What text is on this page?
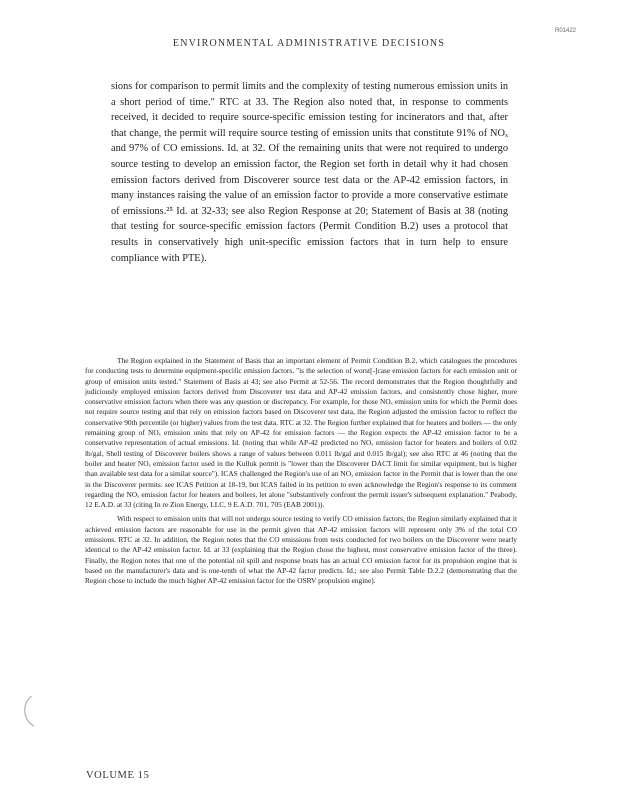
R01422
ENVIRONMENTAL ADMINISTRATIVE DECISIONS

sions for comparison to permit limits and the complexity of testing numerous emission units in a short period of time." RTC at 33. The Region also noted that, in response to comments received, it decided to require source-specific emission testing for incinerators and that, after that change, the permit will require source testing of emission units that constitute 91% of NOₓ and 97% of CO emissions. Id. at 32. Of the remaining units that were not required to undergo source testing to develop an emission factor, the Region set forth in detail why it had chosen emission factors derived from Discoverer source test data or the AP-42 emission factors, in many instances raising the value of an emission factor to provide a more conservative estimate of emissions.²⁵ Id. at 32-33; see also Region Response at 20; Statement of Basis at 38 (noting that testing for source-specific emission factors (Permit Condition B.2) uses a protocol that results in conservatively high unit-specific emission factors that in turn help to ensure compliance with PTE).

The Region explained in the Statement of Basis that an important element of Permit Condition B.2, which catalogues the procedures for conducting tests to determine equipment-specific emission factors, "is the selection of worst[-]case emission factors for each emission unit or group of emission units tested." Statement of Basis at 43; see also Permit at 52-56. The record demonstrates that the Region thoughtfully and judiciously employed emission factors derived from Discoverer test data and AP-42 emission factors, and consistently chose higher, more conservative emission factors when there was any question or discrepancy. For example, for those NOₓ emission units for which the Permit does not require source testing and that rely on emission factors based on Discoverer test data, the Region adjusted the emission factor to reflect the conservative 90th percentile (or higher) values from the test data. RTC at 32. The Region further explained that for heaters and boilers — the only remaining group of NOₓ emission units that rely on AP-42 for emission factors — the Region expects the AP-42 emission factor to be a conservative representation of actual emissions. Id. (noting that while AP-42 predicted no NOₓ emission factor for heaters and boilers of 0.02 lb/gal, Shell testing of Discoverer boilers shows a range of values between 0.011 lb/gal and 0.015 lb/gal); see also RTC at 46 (noting that the boiler and heater NOₓ emission factor used in the Kulluk permit is "lower than the Discoverer DACT limit for similar equipment, but is higher than available test data for a similar source"). ICAS challenged the Region's use of an NOₓ emission factor in the Permit that is lower than the one in the Discoverer permits. see ICAS Petition at 18-19, but ICAS failed in its petition to even acknowledge the Region's response to its comment regarding the NOₓ emission factor for heaters and boilers, let alone "substantively confront the permit issuer's subsequent explanation." Peabody, 12 E.A.D. at 33 (citing In re Zion Energy, LLC, 9 E.A.D. 701, 705 (EAB 2001)).

With respect to emission units that will not undergo source testing to verify CO emission factors, the Region similarly explained that it achieved emission factors are reasonable for use in the permit given that AP-42 emission factors will represent only 3% of the total CO emissions. RTC at 32. In addition, the Region notes that the CO emissions from tests conducted for two boilers on the Discoverer were nearly identical to the AP-42 emission factor. Id. at 33 (explaining that the Region chose the highest, most conservative emission factor of the three). Finally, the Region notes that one of the potential oil spill and response boats has an actual CO emission factor for its propulsion engine that is based on the manufacturer's data and is one-tenth of what the AP-42 factor predicts. Id.; see also Permit Table D.2.2 (demonstrating that the Region chose to include the much higher AP-42 emission factor for the OSRV propulsion engine).

VOLUME 15
